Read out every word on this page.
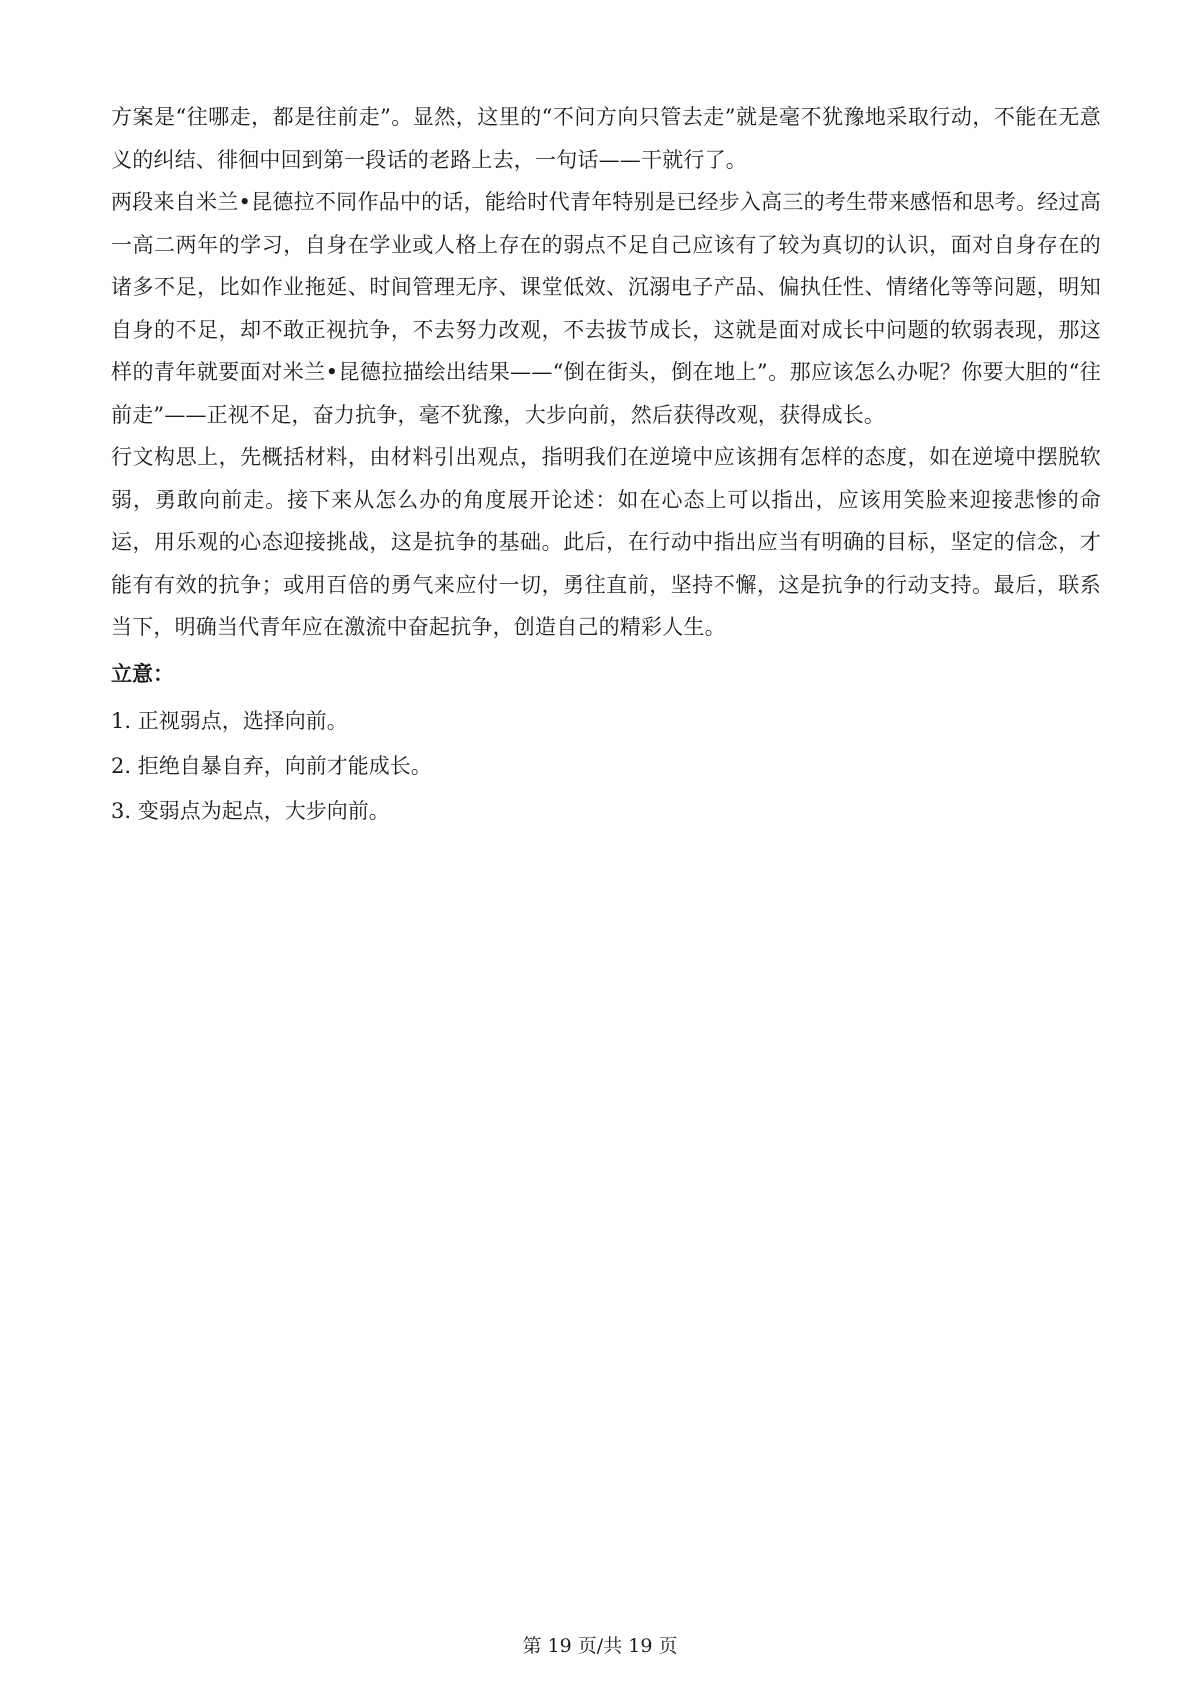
方案是“往哪走，都是往前走”。显然，这里的“不问方向只管去走”就是毫不犹豫地采取行动，不能在无意义的纠结、徘徊中回到第一段话的老路上去，一句话——干就行了。

两段来自米兰•昆德拉不同作品中的话，能给时代青年特别是已经步入高三的考生带来感悟和思考。经过高一高二两年的学习，自身在学业或人格上存在的弱点不足自己应该有了较为真切的认识，面对自身存在的诸多不足，比如作业拖延、时间管理无序、课堂低效、沉溺电子产品、偏执任性、情绪化等等问题，明知自身的不足，却不敢正视抗争，不去努力改观，不去拔节成长，这就是面对成长中问题的软弱表现，那这样的青年就要面对米兰•昆德拉描绘出结果——“倒在街头，倒在地上”。那应该怎么办呢？你要大胆的“往前走”——正视不足，奋力抗争，毫不犹豫，大步向前，然后获得改观，获得成长。

行文构思上，先概括材料，由材料引出观点，指明我们在逆境中应该拥有怎样的态度，如在逆境中摆脱软弱，勇敢向前走。接下来从怎么办的角度展开论述：如在心态上可以指出，应该用笑脸来迎接悲惨的命运，用乐观的心态迎接挑战，这是抗争的基础。此后，在行动中指出应当有明确的目标，坚定的信念，才能有有效的抗争；或用百倍的勇气来应付一切，勇往直前，坚持不懈，这是抗争的行动支持。最后，联系当下，明确当代青年应在激流中奋起抗争，创造自己的精彩人生。

立意：

1. 正视弱点，选择向前。

2. 拒绝自暴自弃，向前才能成长。

3. 变弱点为起点，大步向前。

第 19 页/共 19 页
